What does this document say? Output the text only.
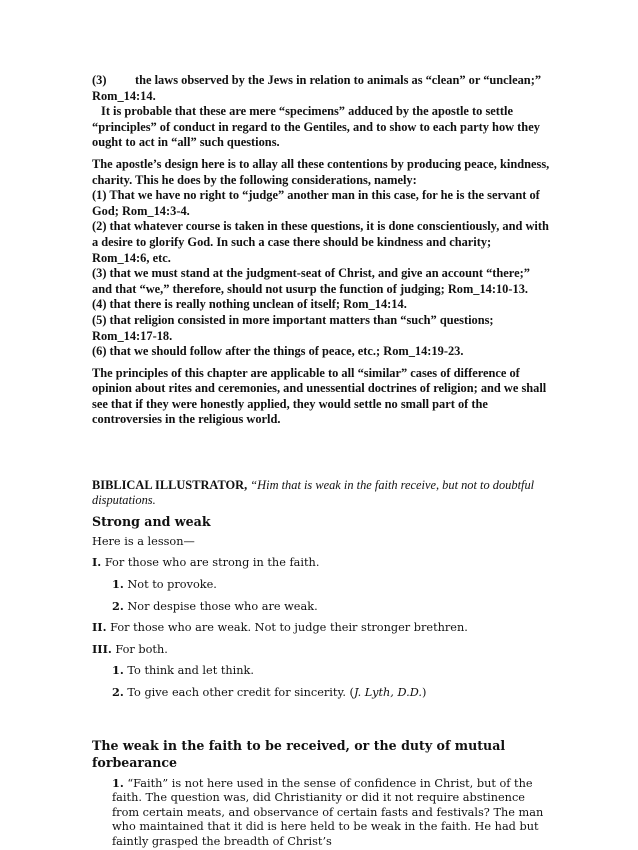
(3)	the laws observed by the Jews in relation to animals as “clean” or “unclean;”

Rom_14:14.

It is probable that these are mere “specimens” adduced by the apostle to settle “principles” of conduct in regard to the Gentiles, and to show to each party how they ought to act in “all” such questions.

The apostle’s design here is to allay all these contentions by producing peace, kindness, charity. This he does by the following considerations, namely:

(1) That we have no right to “judge” another man in this case, for he is the servant of God; Rom_14:3-4.

(2) that whatever course is taken in these questions, it is done conscientiously, and with a desire to glorify God. In such a case there should be kindness and charity; Rom_14:6, etc.

(3) that we must stand at the judgment-seat of Christ, and give an account “there;” and that “we,” therefore, should not usurp the function of judging; Rom_14:10-13.

(4) that there is really nothing unclean of itself; Rom_14:14.

(5) that religion consisted in more important matters than “such” questions; Rom_14:17-18.

(6) that we should follow after the things of peace, etc.; Rom_14:19-23.

The principles of this chapter are applicable to all “similar” cases of difference of opinion about rites and ceremonies, and unessential doctrines of religion; and we shall see that if they were honestly applied, they would settle no small part of the controversies in the religious world.

BIBLICAL ILLUSTRATOR, “Him that is weak in the faith receive, but not to doubtful disputations.

Strong and weak

Here is a lesson—

I. For those who are strong in the faith.

1. Not to provoke.

2. Nor despise those who are weak.

II. For those who are weak. Not to judge their stronger brethren.

III. For both.

1. To think and let think.

2. To give each other credit for sincerity. (J. Lyth, D.D.)

The weak in the faith to be received, or the duty of mutual forbearance

1. “Faith” is not here used in the sense of confidence in Christ, but of the faith. The question was, did Christianity or did it not require abstinence from certain meats, and observance of certain fasts and festivals? The man who maintained that it did is here held to be weak in the faith. He had but faintly grasped the breadth of Christ’s
